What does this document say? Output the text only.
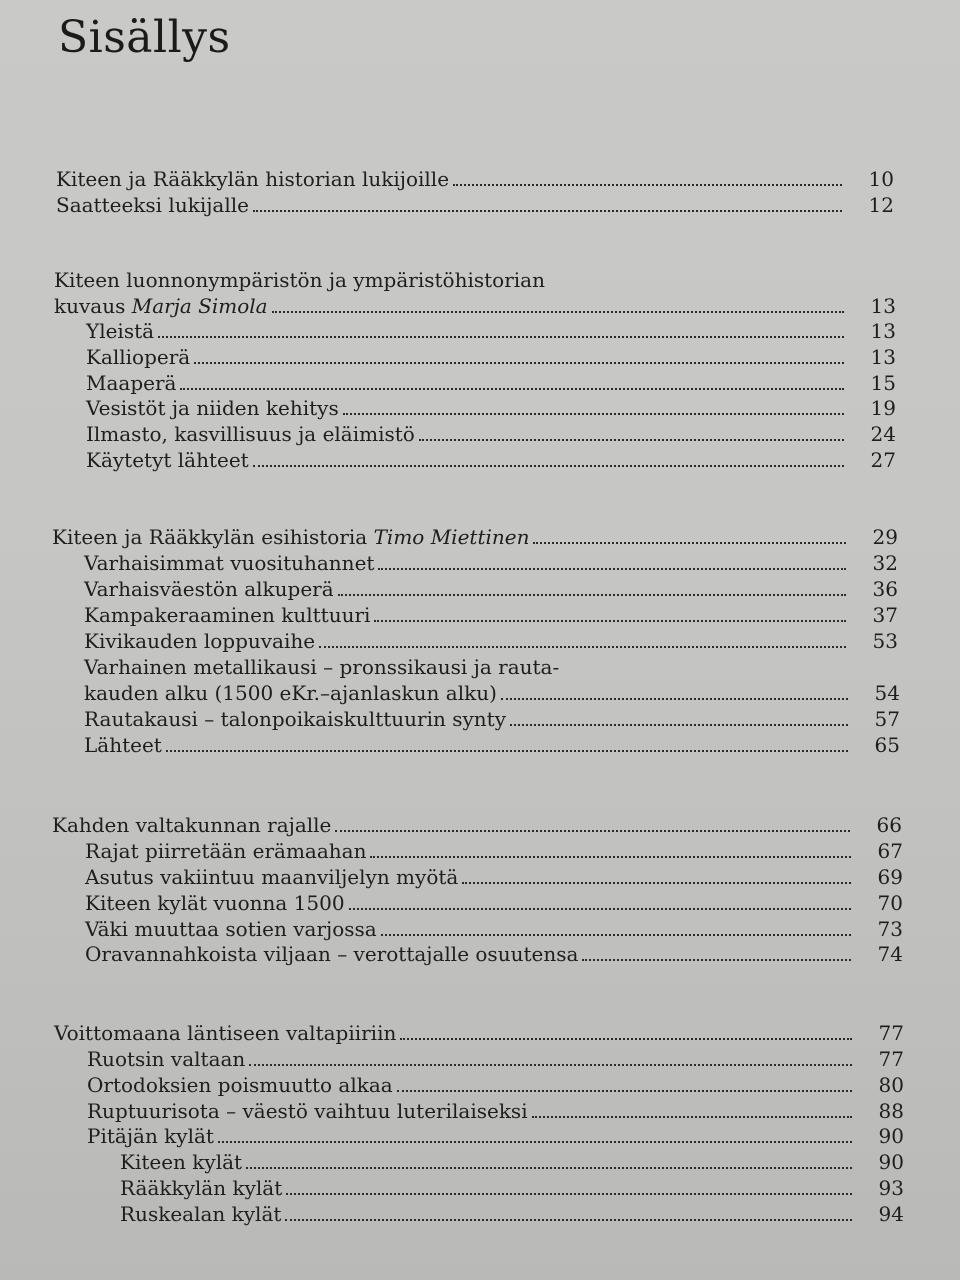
Sisällys
Kiteen ja Rääkkylän historian lukijoille	10
Saatteeksi lukijalle	12
Kiteen luonnonympäristön ja ympäristöhistorian
kuvaus Marja Simola	13
Yleistä	13
Kallioperä	13
Maaperä	15
Vesistöt ja niiden kehitys	19
Ilmasto, kasvillisuus ja eläimistö	24
Käytetyt lähteet	27
Kiteen ja Rääkkylän esihistoria Timo Miettinen	29
Varhaisimmat vuosituhannet	32
Varhaisväestön alkuperä	36
Kampakeraaminen kulttuuri	37
Kivikauden loppuvaihe	53
Varhainen metallikausi – pronssikausi ja rauta-
kauden alku (1500 eKr.–ajanlaskun alku)	54
Rautakausi – talonpoikaiskulttuurin synty	57
Lähteet	65
Kahden valtakunnan rajalle	66
Rajat piirretään erämaahan	67
Asutus vakiintuu maanviljelyn myötä	69
Kiteen kylät vuonna 1500	70
Väki muuttaa sotien varjossa	73
Oravannahkoista viljaan – verottajalle osuutensa	74
Voittomaana läntiseen valtapiiriin	77
Ruotsin valtaan	77
Ortodoksien poismuutto alkaa	80
Ruptuurisota – väestö vaihtuu luterilaiseksi	88
Pitäjän kylät	90
Kiteen kylät	90
Rääkkylän kylät	93
Ruskealan kylät	94
